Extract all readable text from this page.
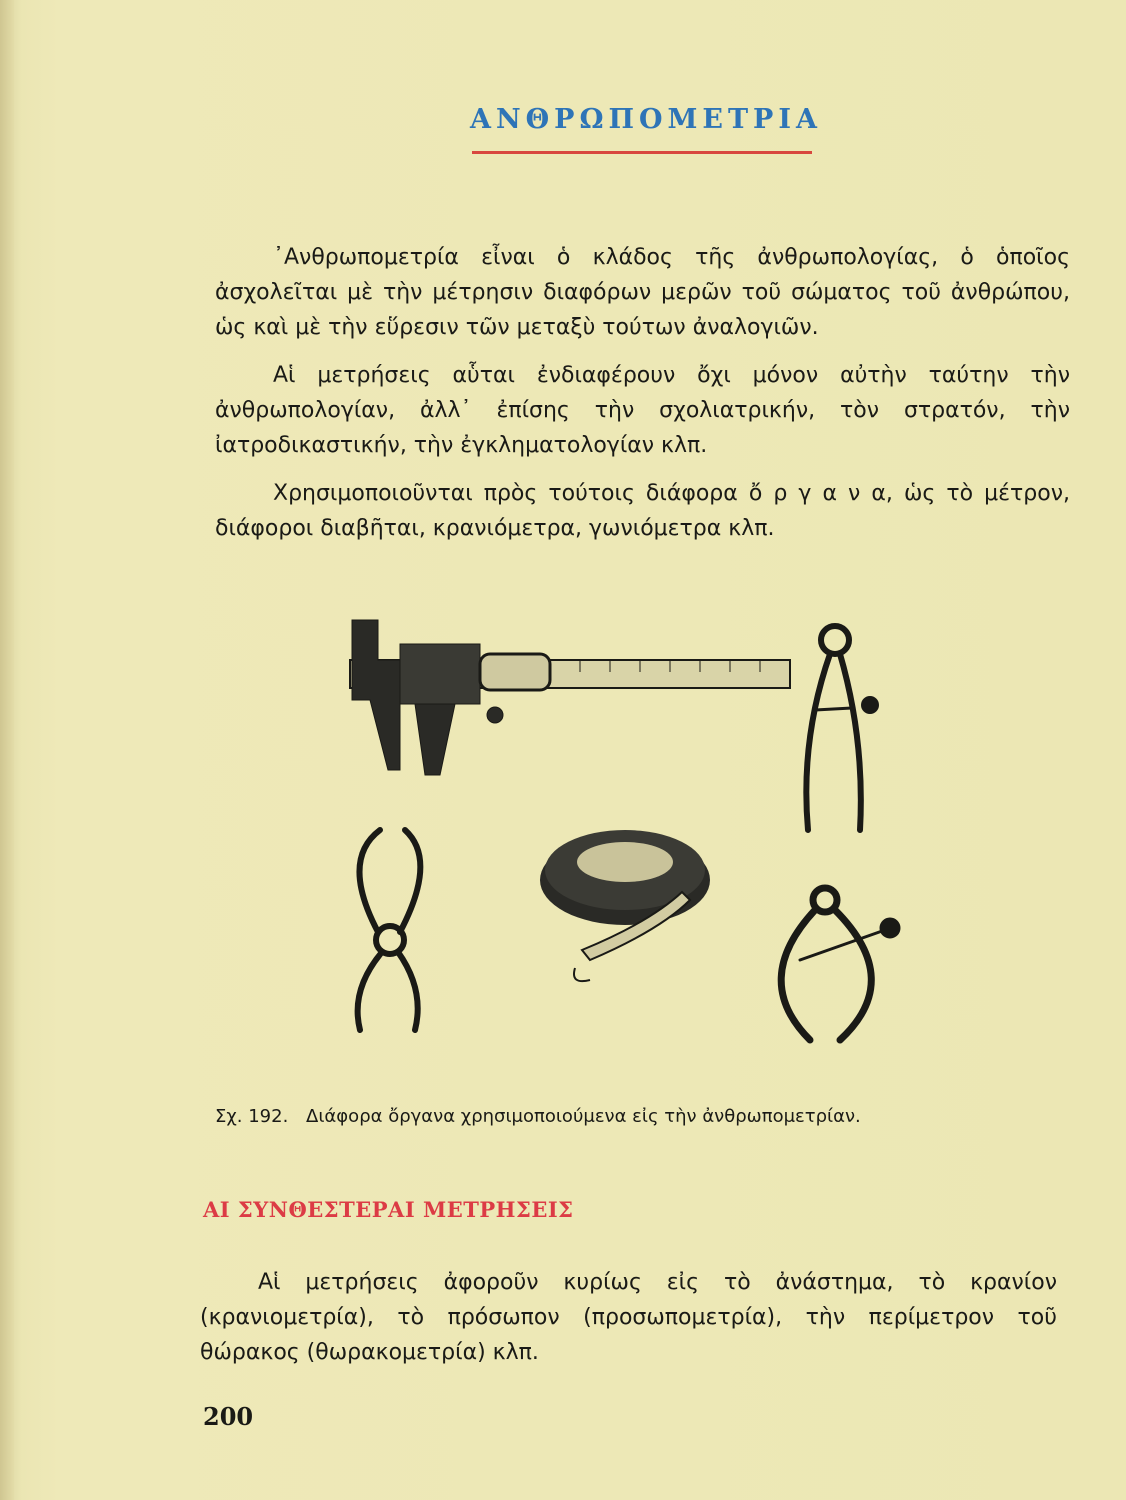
ΑΝΘΡΩΠΟΜΕΤΡΙΑ

᾿Ανθρωπομετρία εἶναι ὁ κλάδος τῆς ἀνθρωπολογίας, ὁ ὁποῖος ἀσχολεῖται μὲ τὴν μέτρησιν διαφόρων μερῶν τοῦ σώματος τοῦ ἀνθρώπου, ὡς καὶ μὲ τὴν εὕρεσιν τῶν μεταξὺ τούτων ἀναλογιῶν.

Αἱ μετρήσεις αὗται ἐνδιαφέρουν ὄχι μόνον αὐτὴν ταύτην τὴν ἀνθρωπολογίαν, ἀλλ᾿ ἐπίσης τὴν σχολιατρικήν, τὸν στρατόν, τὴν ἰατροδικαστικήν, τὴν ἐγκληματολογίαν κλπ.

Χρησιμοποιοῦνται πρὸς τούτοις διάφορα ὄ ρ γ α ν α, ὡς τὸ μέτρον, διάφοροι διαβῆται, κρανιόμετρα, γωνιόμετρα κλπ.

Σχ. 192. Διάφορα ὄργανα χρησιμοποιούμενα εἰς τὴν ἀνθρωπομετρίαν.
ΑΙ ΣΥΝΘΕΣΤΕΡΑΙ ΜΕΤΡΗΣΕΙΣ

Αἱ μετρήσεις ἀφοροῦν κυρίως εἰς τὸ ἀνάστημα, τὸ κρανίον (κρανιομετρία), τὸ πρόσωπον (προσωπομετρία), τὴν περίμετρον τοῦ θώρακος (θωρακομετρία) κλπ.

200
